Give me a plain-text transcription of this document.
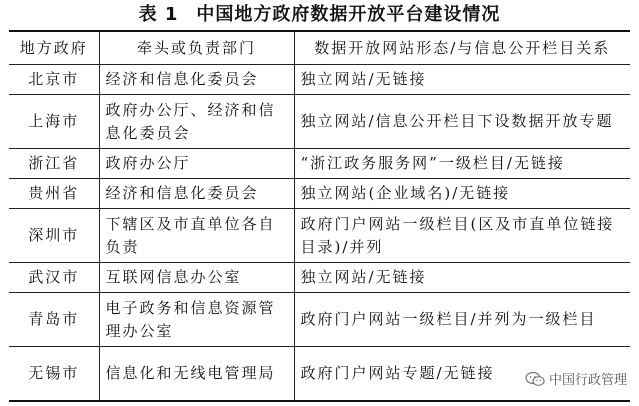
表 1 中国地方政府数据开放平台建设情况
地方政府	牵头或负责部门	数据开放网站形态/与信息公开栏目关系
北京市	经济和信息化委员会	独立网站/无链接
上海市	政府办公厅、经济和信息化委员会	独立网站/信息公开栏目下设数据开放专题
浙江省	政府办公厅	“浙江政务服务网”一级栏目/无链接
贵州省	经济和信息化委员会	独立网站(企业域名)/无链接
深圳市	下辖区及市直单位各自负责	政府门户网站一级栏目(区及市直单位链接目录)/并列
武汉市	互联网信息办公室	独立网站/无链接
青岛市	电子政务和信息资源管理办公室	政府门户网站一级栏目/并列为一级栏目
无锡市	信息化和无线电管理局	政府门户网站专题/无链接	中国行政管理
